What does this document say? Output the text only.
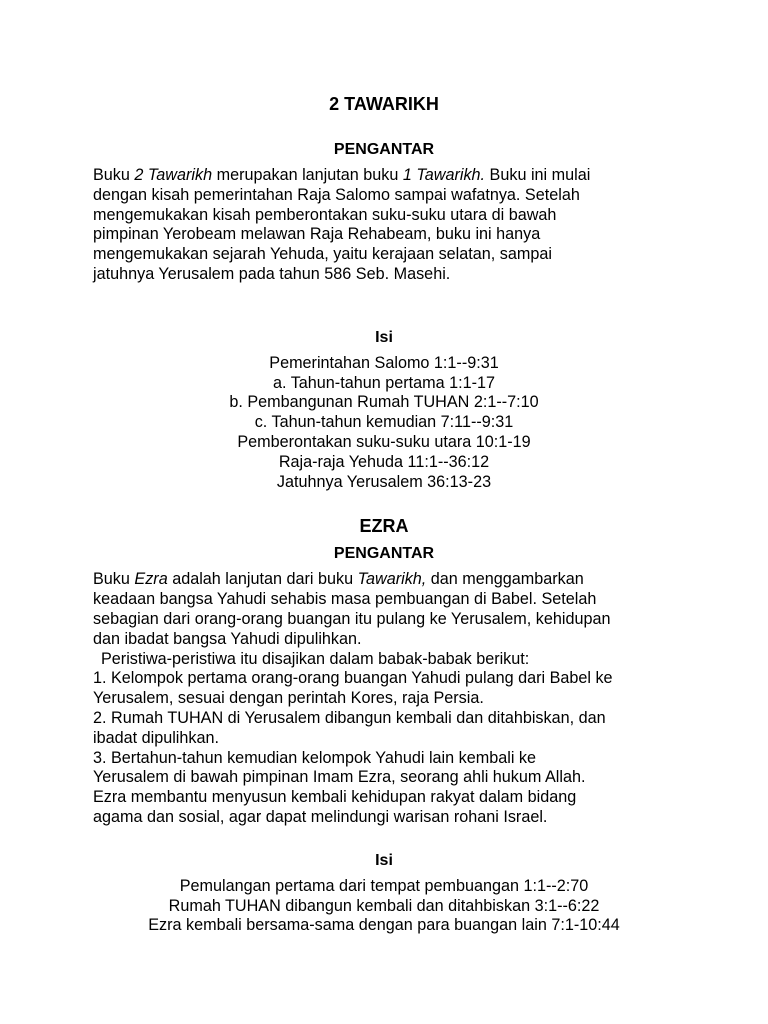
2 TAWARIKH
PENGANTAR
Buku 2 Tawarikh merupakan lanjutan buku 1 Tawarikh. Buku ini mulai
dengan kisah pemerintahan Raja Salomo sampai wafatnya. Setelah
mengemukakan kisah pemberontakan suku-suku utara di bawah
pimpinan Yerobeam melawan Raja Rehabeam, buku ini hanya
mengemukakan sejarah Yehuda, yaitu kerajaan selatan, sampai
jatuhnya Yerusalem pada tahun 586 Seb. Masehi.
Isi
Pemerintahan Salomo 1:1--9:31
a. Tahun-tahun pertama 1:1-17
b. Pembangunan Rumah TUHAN 2:1--7:10
c. Tahun-tahun kemudian 7:11--9:31
Pemberontakan suku-suku utara 10:1-19
Raja-raja Yehuda 11:1--36:12
Jatuhnya Yerusalem 36:13-23
EZRA
PENGANTAR
Buku Ezra adalah lanjutan dari buku Tawarikh, dan menggambarkan
keadaan bangsa Yahudi sehabis masa pembuangan di Babel. Setelah
sebagian dari orang-orang buangan itu pulang ke Yerusalem, kehidupan
dan ibadat bangsa Yahudi dipulihkan.
Peristiwa-peristiwa itu disajikan dalam babak-babak berikut:
1. Kelompok pertama orang-orang buangan Yahudi pulang dari Babel ke
Yerusalem, sesuai dengan perintah Kores, raja Persia.
2. Rumah TUHAN di Yerusalem dibangun kembali dan ditahbiskan, dan
ibadat dipulihkan.
3. Bertahun-tahun kemudian kelompok Yahudi lain kembali ke
Yerusalem di bawah pimpinan Imam Ezra, seorang ahli hukum Allah.
Ezra membantu menyusun kembali kehidupan rakyat dalam bidang
agama dan sosial, agar dapat melindungi warisan rohani Israel.
Isi
Pemulangan pertama dari tempat pembuangan 1:1--2:70
Rumah TUHAN dibangun kembali dan ditahbiskan 3:1--6:22
Ezra kembali bersama-sama dengan para buangan lain 7:1-10:44
